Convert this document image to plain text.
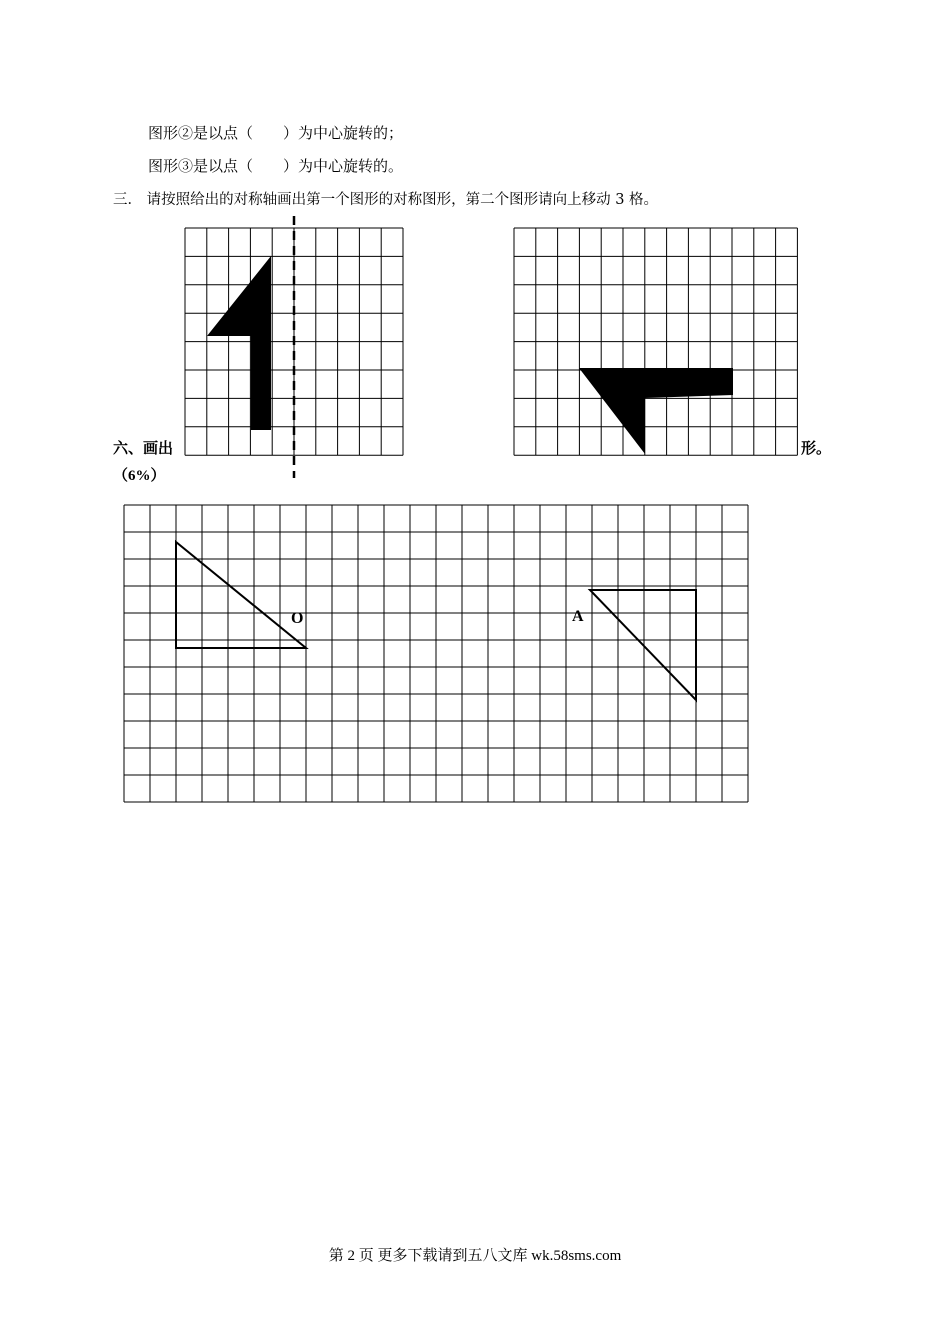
图形②是以点（　　）为中心旋转的；
图形③是以点（　　）为中心旋转的。
三． 请按照给出的对称轴画出第一个图形的对称图形，第二个图形请向上移动 3 格。
六、画出	形。
（6%）
O	A
第 2 页 更多下载请到五八文库 wk.58sms.com
